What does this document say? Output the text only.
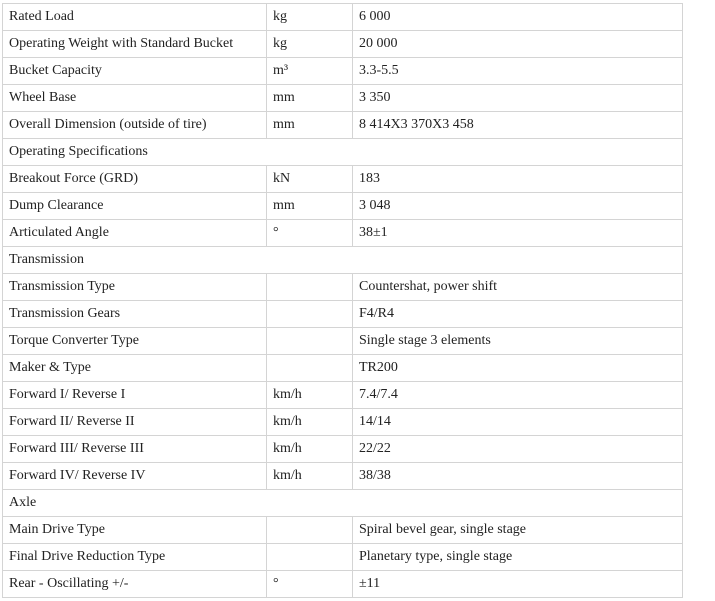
Rated Load	kg	6 000
Operating Weight with Standard Bucket	kg	20 000
Bucket Capacity	m³	3.3-5.5
Wheel Base	mm	3 350
Overall Dimension (outside of tire)	mm	8 414X3 370X3 458
Operating Specifications		
Breakout Force (GRD)	kN	183
Dump Clearance	mm	3 048
Articulated Angle	°	38±1
Transmission		
Transmission Type		Countershat, power shift
Transmission Gears		F4/R4
Torque Converter Type		Single stage 3 elements
Maker & Type		TR200
Forward I/ Reverse I	km/h	7.4/7.4
Forward II/ Reverse II	km/h	14/14
Forward III/ Reverse III	km/h	22/22
Forward IV/ Reverse IV	km/h	38/38
Axle		
Main Drive Type		Spiral bevel gear, single stage
Final Drive Reduction Type		Planetary type, single stage
Rear - Oscillating +/-	°	±11
